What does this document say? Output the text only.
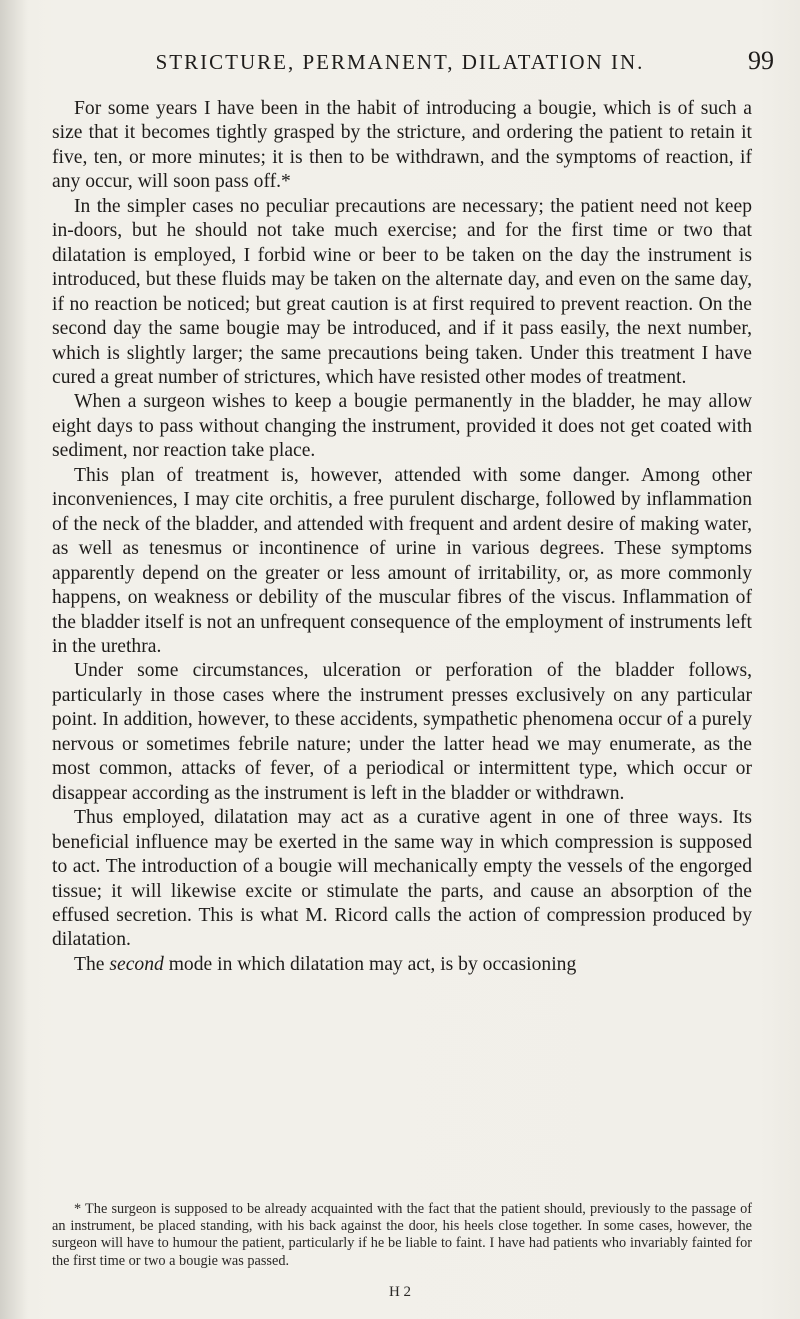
STRICTURE, PERMANENT, DILATATION IN.	99

For some years I have been in the habit of introducing a bougie, which is of such a size that it becomes tightly grasped by the stricture, and ordering the patient to retain it five, ten, or more minutes; it is then to be withdrawn, and the symptoms of reaction, if any occur, will soon pass off.*

In the simpler cases no peculiar precautions are necessary; the patient need not keep in-doors, but he should not take much exercise; and for the first time or two that dilatation is employed, I forbid wine or beer to be taken on the day the instrument is introduced, but these fluids may be taken on the alternate day, and even on the same day, if no reaction be noticed; but great caution is at first required to prevent reaction. On the second day the same bougie may be introduced, and if it pass easily, the next number, which is slightly larger; the same precautions being taken. Under this treatment I have cured a great number of strictures, which have resisted other modes of treatment.

When a surgeon wishes to keep a bougie permanently in the bladder, he may allow eight days to pass without changing the instrument, provided it does not get coated with sediment, nor reaction take place.

This plan of treatment is, however, attended with some danger. Among other inconveniences, I may cite orchitis, a free purulent discharge, followed by inflammation of the neck of the bladder, and attended with frequent and ardent desire of making water, as well as tenesmus or incontinence of urine in various degrees. These symptoms apparently depend on the greater or less amount of irritability, or, as more commonly happens, on weakness or debility of the muscular fibres of the viscus. Inflammation of the bladder itself is not an unfrequent consequence of the employment of instruments left in the urethra.

Under some circumstances, ulceration or perforation of the bladder follows, particularly in those cases where the instrument presses exclusively on any particular point. In addition, however, to these accidents, sympathetic phenomena occur of a purely nervous or sometimes febrile nature; under the latter head we may enumerate, as the most common, attacks of fever, of a periodical or intermittent type, which occur or disappear according as the instrument is left in the bladder or withdrawn.

Thus employed, dilatation may act as a curative agent in one of three ways. Its beneficial influence may be exerted in the same way in which compression is supposed to act. The introduction of a bougie will mechanically empty the vessels of the engorged tissue; it will likewise excite or stimulate the parts, and cause an absorption of the effused secretion. This is what M. Ricord calls the action of compression produced by dilatation.

The second mode in which dilatation may act, is by occasioning

* The surgeon is supposed to be already acquainted with the fact that the patient should, previously to the passage of an instrument, be placed standing, with his back against the door, his heels close together. In some cases, however, the surgeon will have to humour the patient, particularly if he be liable to faint. I have had patients who invariably fainted for the first time or two a bougie was passed.

H 2
